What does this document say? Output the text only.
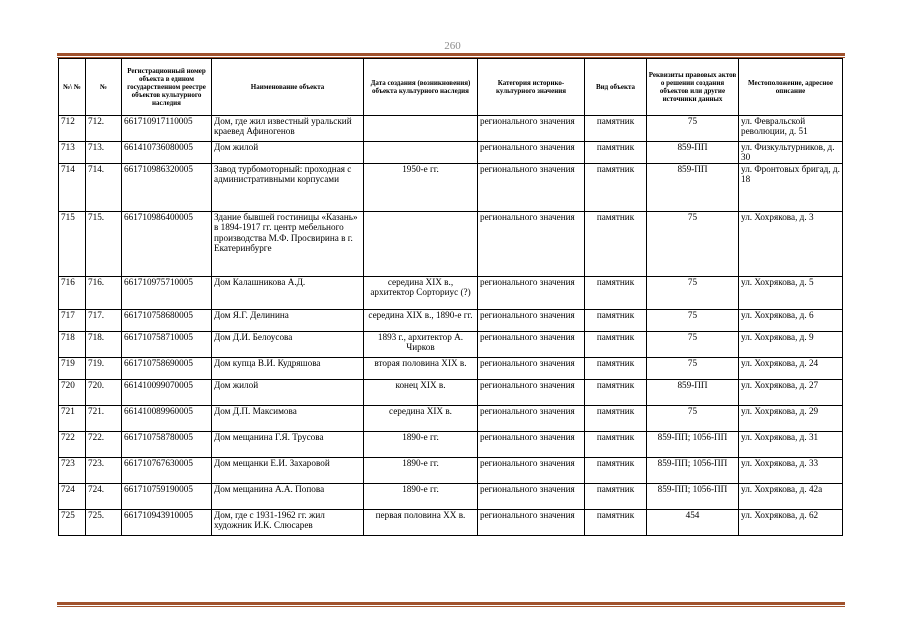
260
№\ №	№	Регистрационный номер объекта в едином государственном реестре объектов культурного наследия	Наименование объекта	Дата создания (возникновения) объекта культурного наследия	Категория историко-культурного значения	Вид объекта	Реквизиты правовых актов о решении создания объектов или другие источники данных	Местоположение, адресное описание
712	712.	661710917110005	Дом, где жил известный уральский краевед Афиногенов		регионального значения	памятник	75	ул. Февральской революции, д. 51
713	713.	661410736080005	Дом жилой		регионального значения	памятник	859-ПП	ул. Физкультурников, д. 30
714	714.	661710986320005	Завод турбомоторный: проходная с административными корпусами	1950-е гг.	регионального значения	памятник	859-ПП	ул. Фронтовых бригад, д. 18
715	715.	661710986400005	Здание бывшей гостиницы «Казань» в 1894-1917 гг. центр мебельного производства М.Ф. Просвирина в г. Екатеринбурге		регионального значения	памятник	75	ул. Хохрякова, д. 3
716	716.	661710975710005	Дом Калашникова А.Д.	середина XIX в., архитектор Сорториус (?)	регионального значения	памятник	75	ул. Хохрякова, д. 5
717	717.	661710758680005	Дом Я.Г. Делинина	середина XIX в., 1890-е гг.	регионального значения	памятник	75	ул. Хохрякова, д. 6
718	718.	661710758710005	Дом Д.И. Белоусова	1893 г., архитектор А. Чирков	регионального значения	памятник	75	ул. Хохрякова, д. 9
719	719.	661710758690005	Дом купца В.И. Кудряшова	вторая половина XIX в.	регионального значения	памятник	75	ул. Хохрякова, д. 24
720	720.	661410099070005	Дом жилой	конец XIX в.	регионального значения	памятник	859-ПП	ул. Хохрякова, д. 27
721	721.	661410089960005	Дом Д.П. Максимова	середина XIX в.	регионального значения	памятник	75	ул. Хохрякова, д. 29
722	722.	661710758780005	Дом мещанина Г.Я. Трусова	1890-е гг.	регионального значения	памятник	859-ПП; 1056-ПП	ул. Хохрякова, д. 31
723	723.	661710767630005	Дом мещанки Е.И. Захаровой	1890-е гг.	регионального значения	памятник	859-ПП; 1056-ПП	ул. Хохрякова, д. 33
724	724.	661710759190005	Дом мещанина А.А. Попова	1890-е гг.	регионального значения	памятник	859-ПП; 1056-ПП	ул. Хохрякова, д. 42а
725	725.	661710943910005	Дом, где с 1931-1962 гг. жил художник И.К. Слюсарев	первая половина XX в.	регионального значения	памятник	454	ул. Хохрякова, д. 62
